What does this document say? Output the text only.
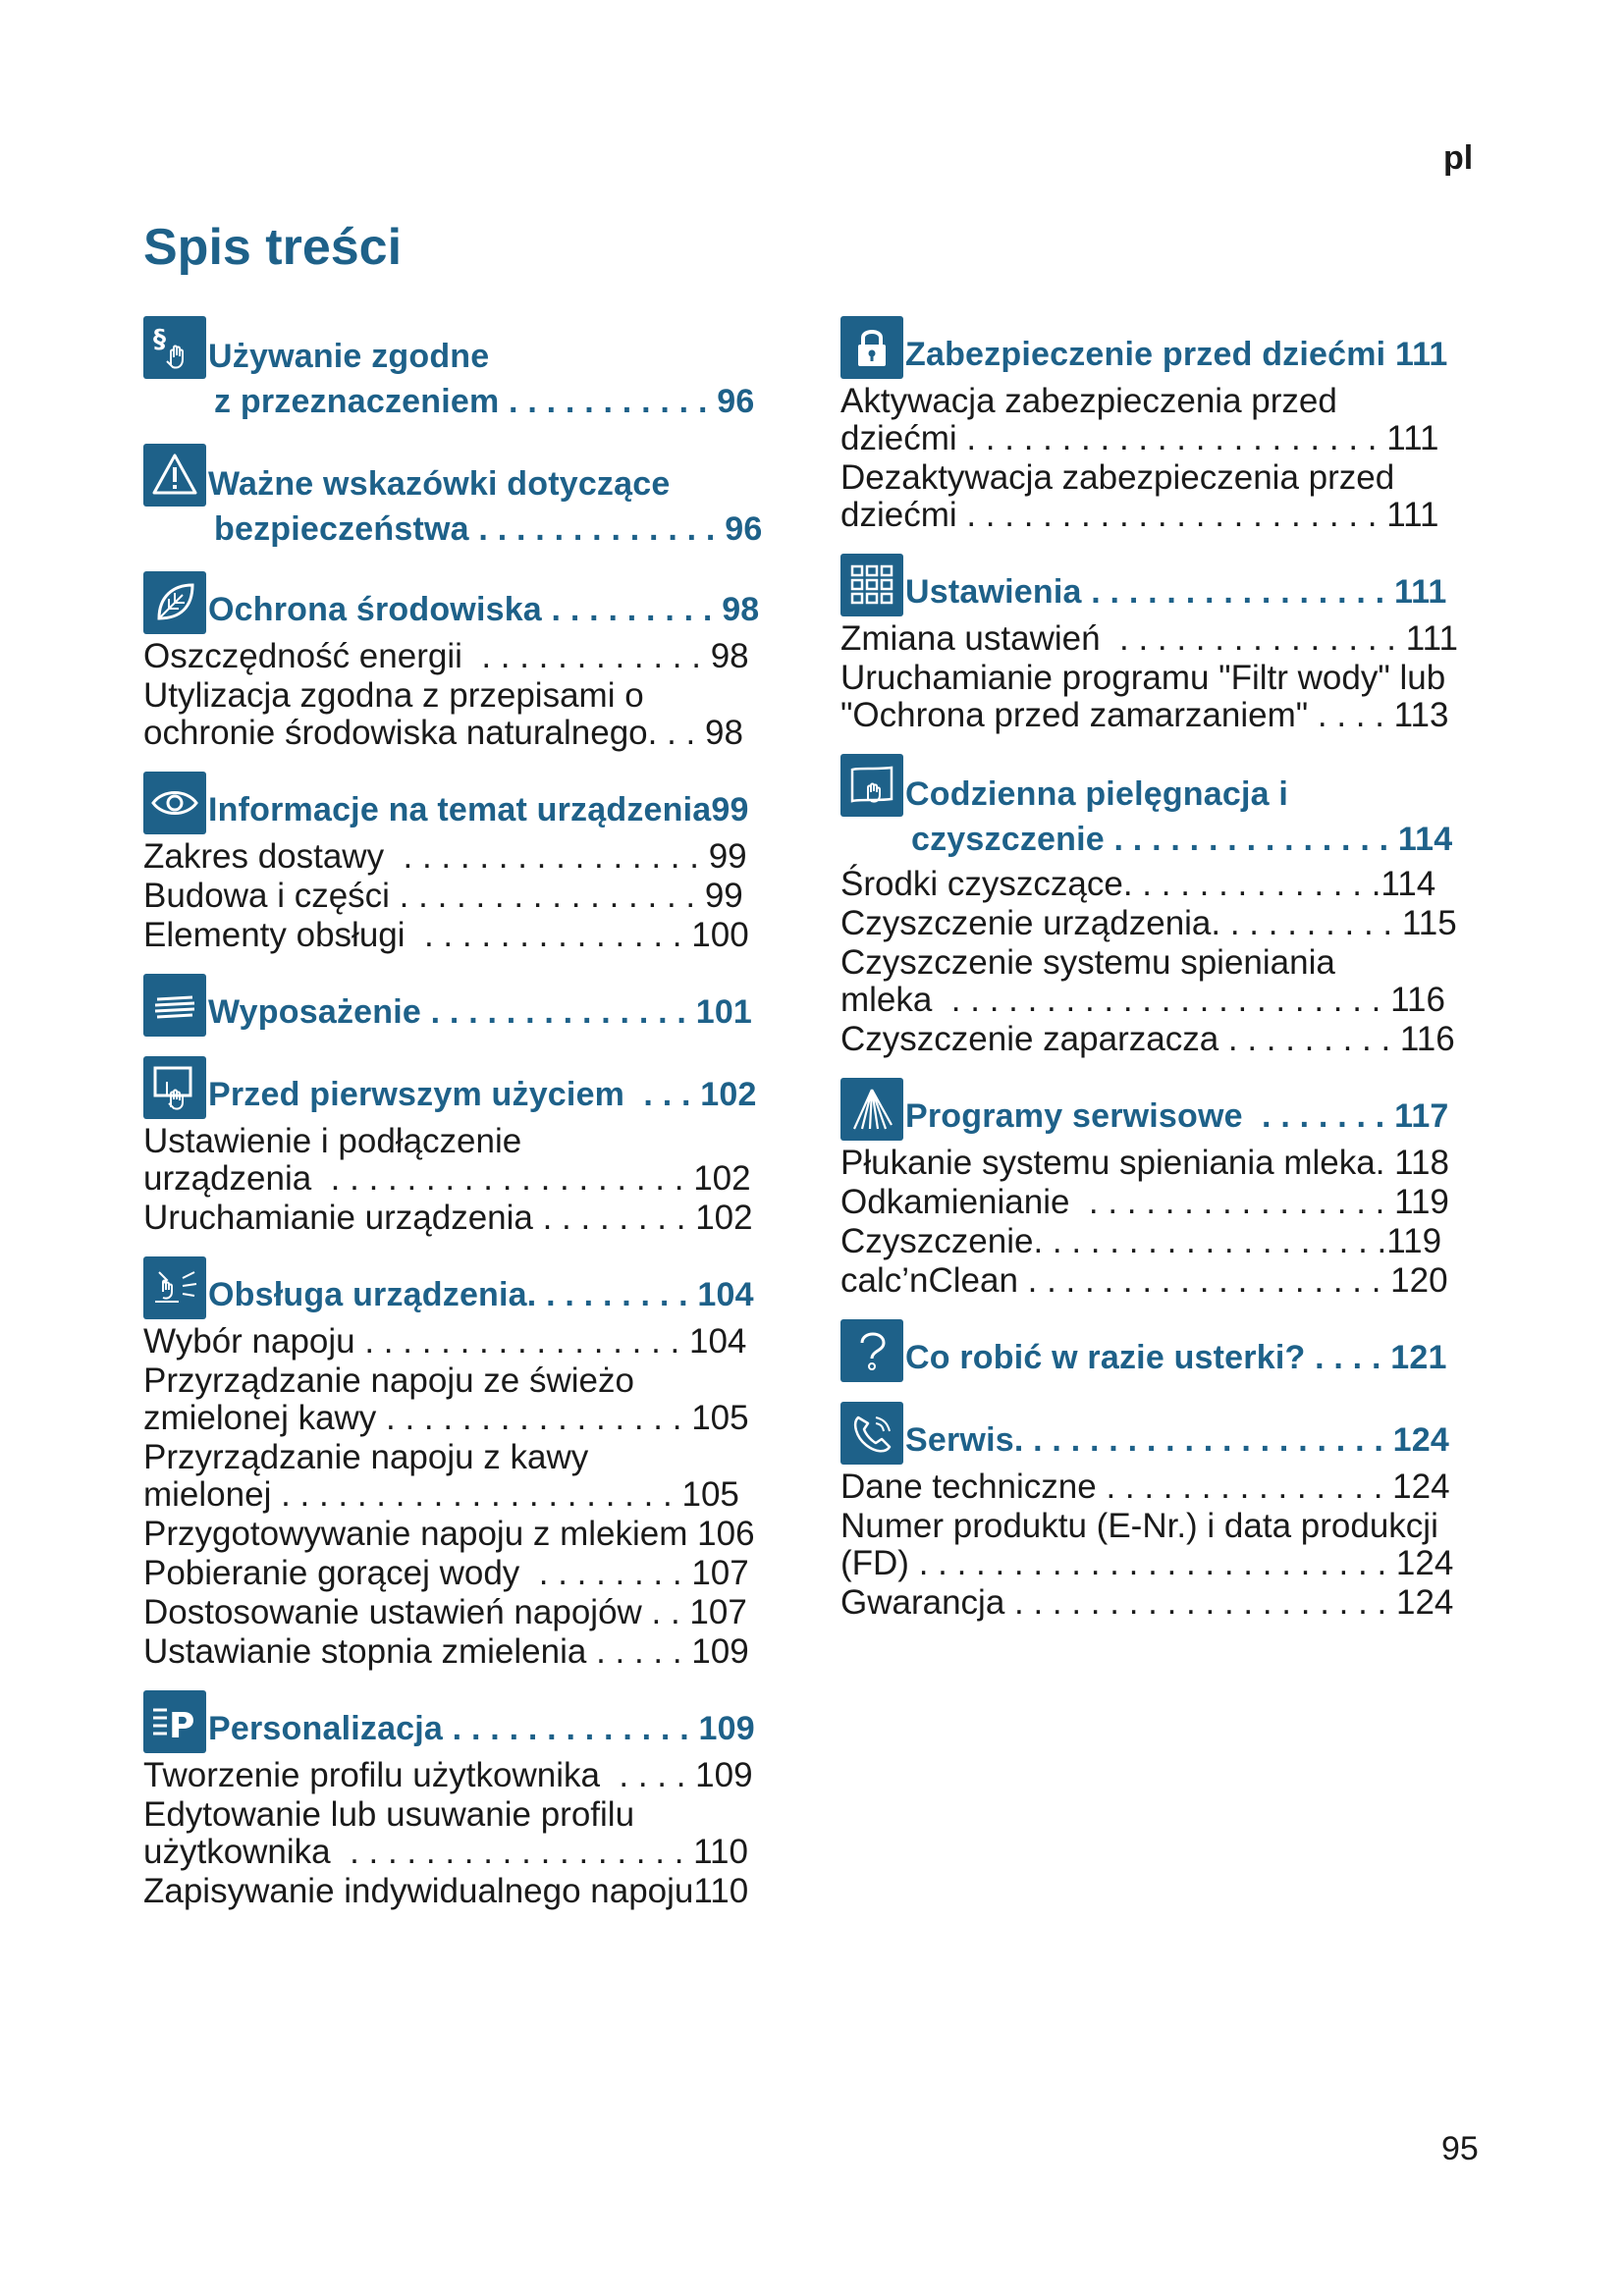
pl
Spis treści
§ Używanie zgodne
z przeznaczeniem . . . . . . . . . . . 96
Ważne wskazówki dotyczące
bezpieczeństwa . . . . . . . . . . . . . 96
Ochrona środowiska . . . . . . . . . 98
Oszczędność energii  . . . . . . . . . . . . 98
Utylizacja zgodna z przepisami o
ochronie środowiska naturalnego. . . 98
Informacje na temat urządzenia99
Zakres dostawy  . . . . . . . . . . . . . . . . 99
Budowa i części . . . . . . . . . . . . . . . . 99
Elementy obsługi  . . . . . . . . . . . . . . 100
Wyposażenie . . . . . . . . . . . . . . 101
Przed pierwszym użyciem  . . . 102
Ustawienie i podłączenie
urządzenia  . . . . . . . . . . . . . . . . . . . 102
Uruchamianie urządzenia . . . . . . . . 102
Obsługa urządzenia. . . . . . . . . 104
Wybór napoju . . . . . . . . . . . . . . . . . 104
Przyrządzanie napoju ze świeżo
zmielonej kawy . . . . . . . . . . . . . . . . 105
Przyrządzanie napoju z kawy
mielonej . . . . . . . . . . . . . . . . . . . . . 105
Przygotowywanie napoju z mlekiem 106
Pobieranie gorącej wody  . . . . . . . . 107
Dostosowanie ustawień napojów . . 107
Ustawianie stopnia zmielenia . . . . . 109
P Personalizacja . . . . . . . . . . . . . 109
Tworzenie profilu użytkownika  . . . . 109
Edytowanie lub usuwanie profilu
użytkownika  . . . . . . . . . . . . . . . . . . 110
Zapisywanie indywidualnego napoju110
Zabezpieczenie przed dziećmi 111
Aktywacja zabezpieczenia przed
dziećmi . . . . . . . . . . . . . . . . . . . . . . 111
Dezaktywacja zabezpieczenia przed
dziećmi . . . . . . . . . . . . . . . . . . . . . . 111
Ustawienia . . . . . . . . . . . . . . . . 111
Zmiana ustawień  . . . . . . . . . . . . . . . 111
Uruchamianie programu "Filtr wody" lub
"Ochrona przed zamarzaniem" . . . . 113
Codzienna pielęgnacja i
czyszczenie . . . . . . . . . . . . . . . 114
Środki czyszczące. . . . . . . . . . . . . .114
Czyszczenie urządzenia. . . . . . . . . . 115
Czyszczenie systemu spieniania
mleka  . . . . . . . . . . . . . . . . . . . . . . . 116
Czyszczenie zaparzacza . . . . . . . . . 116
Programy serwisowe  . . . . . . . 117
Płukanie systemu spieniania mleka. 118
Odkamienianie  . . . . . . . . . . . . . . . . 119
Czyszczenie. . . . . . . . . . . . . . . . . . .119
calc’nClean . . . . . . . . . . . . . . . . . . . 120
Co robić w razie usterki? . . . . 121
Serwis. . . . . . . . . . . . . . . . . . . . 124
Dane techniczne . . . . . . . . . . . . . . . 124
Numer produktu (E-Nr.) i data produkcji
(FD) . . . . . . . . . . . . . . . . . . . . . . . . . 124
Gwarancja . . . . . . . . . . . . . . . . . . . . 124
95
